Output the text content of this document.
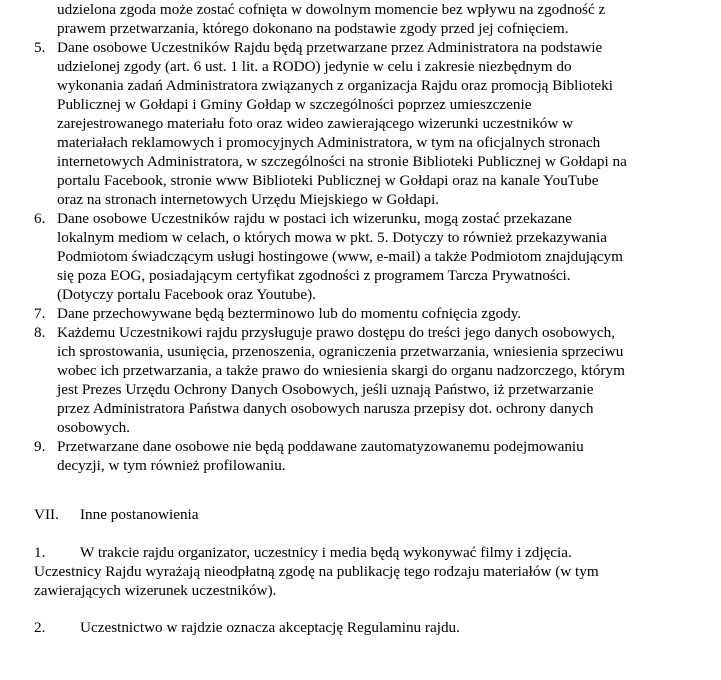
udzielona zgoda może zostać cofnięta w dowolnym momencie bez wpływu na zgodność z
prawem przetwarzania, którego dokonano na podstawie zgody przed jej cofnięciem.
5. Dane osobowe Uczestników Rajdu będą przetwarzane przez Administratora na podstawie
udzielonej zgody (art. 6 ust. 1 lit. a RODO) jedynie w celu i zakresie niezbędnym do
wykonania zadań Administratora związanych z organizacja Rajdu oraz promocją Biblioteki
Publicznej w Gołdapi i Gminy Gołdap w szczególności poprzez umieszczenie
zarejestrowanego materiału foto oraz wideo zawierającego wizerunki uczestników w
materiałach reklamowych i promocyjnych Administratora, w tym na oficjalnych stronach
internetowych Administratora, w szczególności na stronie Biblioteki Publicznej w Gołdapi na
portalu Facebook, stronie www Biblioteki Publicznej w Gołdapi oraz na kanale YouTube
oraz na stronach internetowych Urzędu Miejskiego w Gołdapi.
6. Dane osobowe Uczestników rajdu w postaci ich wizerunku, mogą zostać przekazane
lokalnym mediom w celach, o których mowa w pkt. 5. Dotyczy to również przekazywania
Podmiotom świadczącym usługi hostingowe (www, e-mail) a także Podmiotom znajdującym
się poza EOG, posiadającym certyfikat zgodności z programem Tarcza Prywatności.
(Dotyczy portalu Facebook oraz Youtube).
7. Dane przechowywane będą bezterminowo lub do momentu cofnięcia zgody.
8. Każdemu Uczestnikowi rajdu przysługuje prawo dostępu do treści jego danych osobowych,
ich sprostowania, usunięcia, przenoszenia, ograniczenia przetwarzania, wniesienia sprzeciwu
wobec ich przetwarzania, a także prawo do wniesienia skargi do organu nadzorczego, którym
jest Prezes Urzędu Ochrony Danych Osobowych, jeśli uznają Państwo, iż przetwarzanie
przez Administratora Państwa danych osobowych narusza przepisy dot. ochrony danych
osobowych.
9. Przetwarzane dane osobowe nie będą poddawane zautomatyzowanemu podejmowaniu
decyzji, w tym również profilowaniu.
VII. Inne postanowienia
1. W trakcie rajdu organizator, uczestnicy i media będą wykonywać filmy i zdjęcia.
Uczestnicy Rajdu wyrażają nieodpłatną zgodę na publikację tego rodzaju materiałów (w tym
zawierających wizerunek uczestników).
2. Uczestnictwo w rajdzie oznacza akceptację Regulaminu rajdu.
